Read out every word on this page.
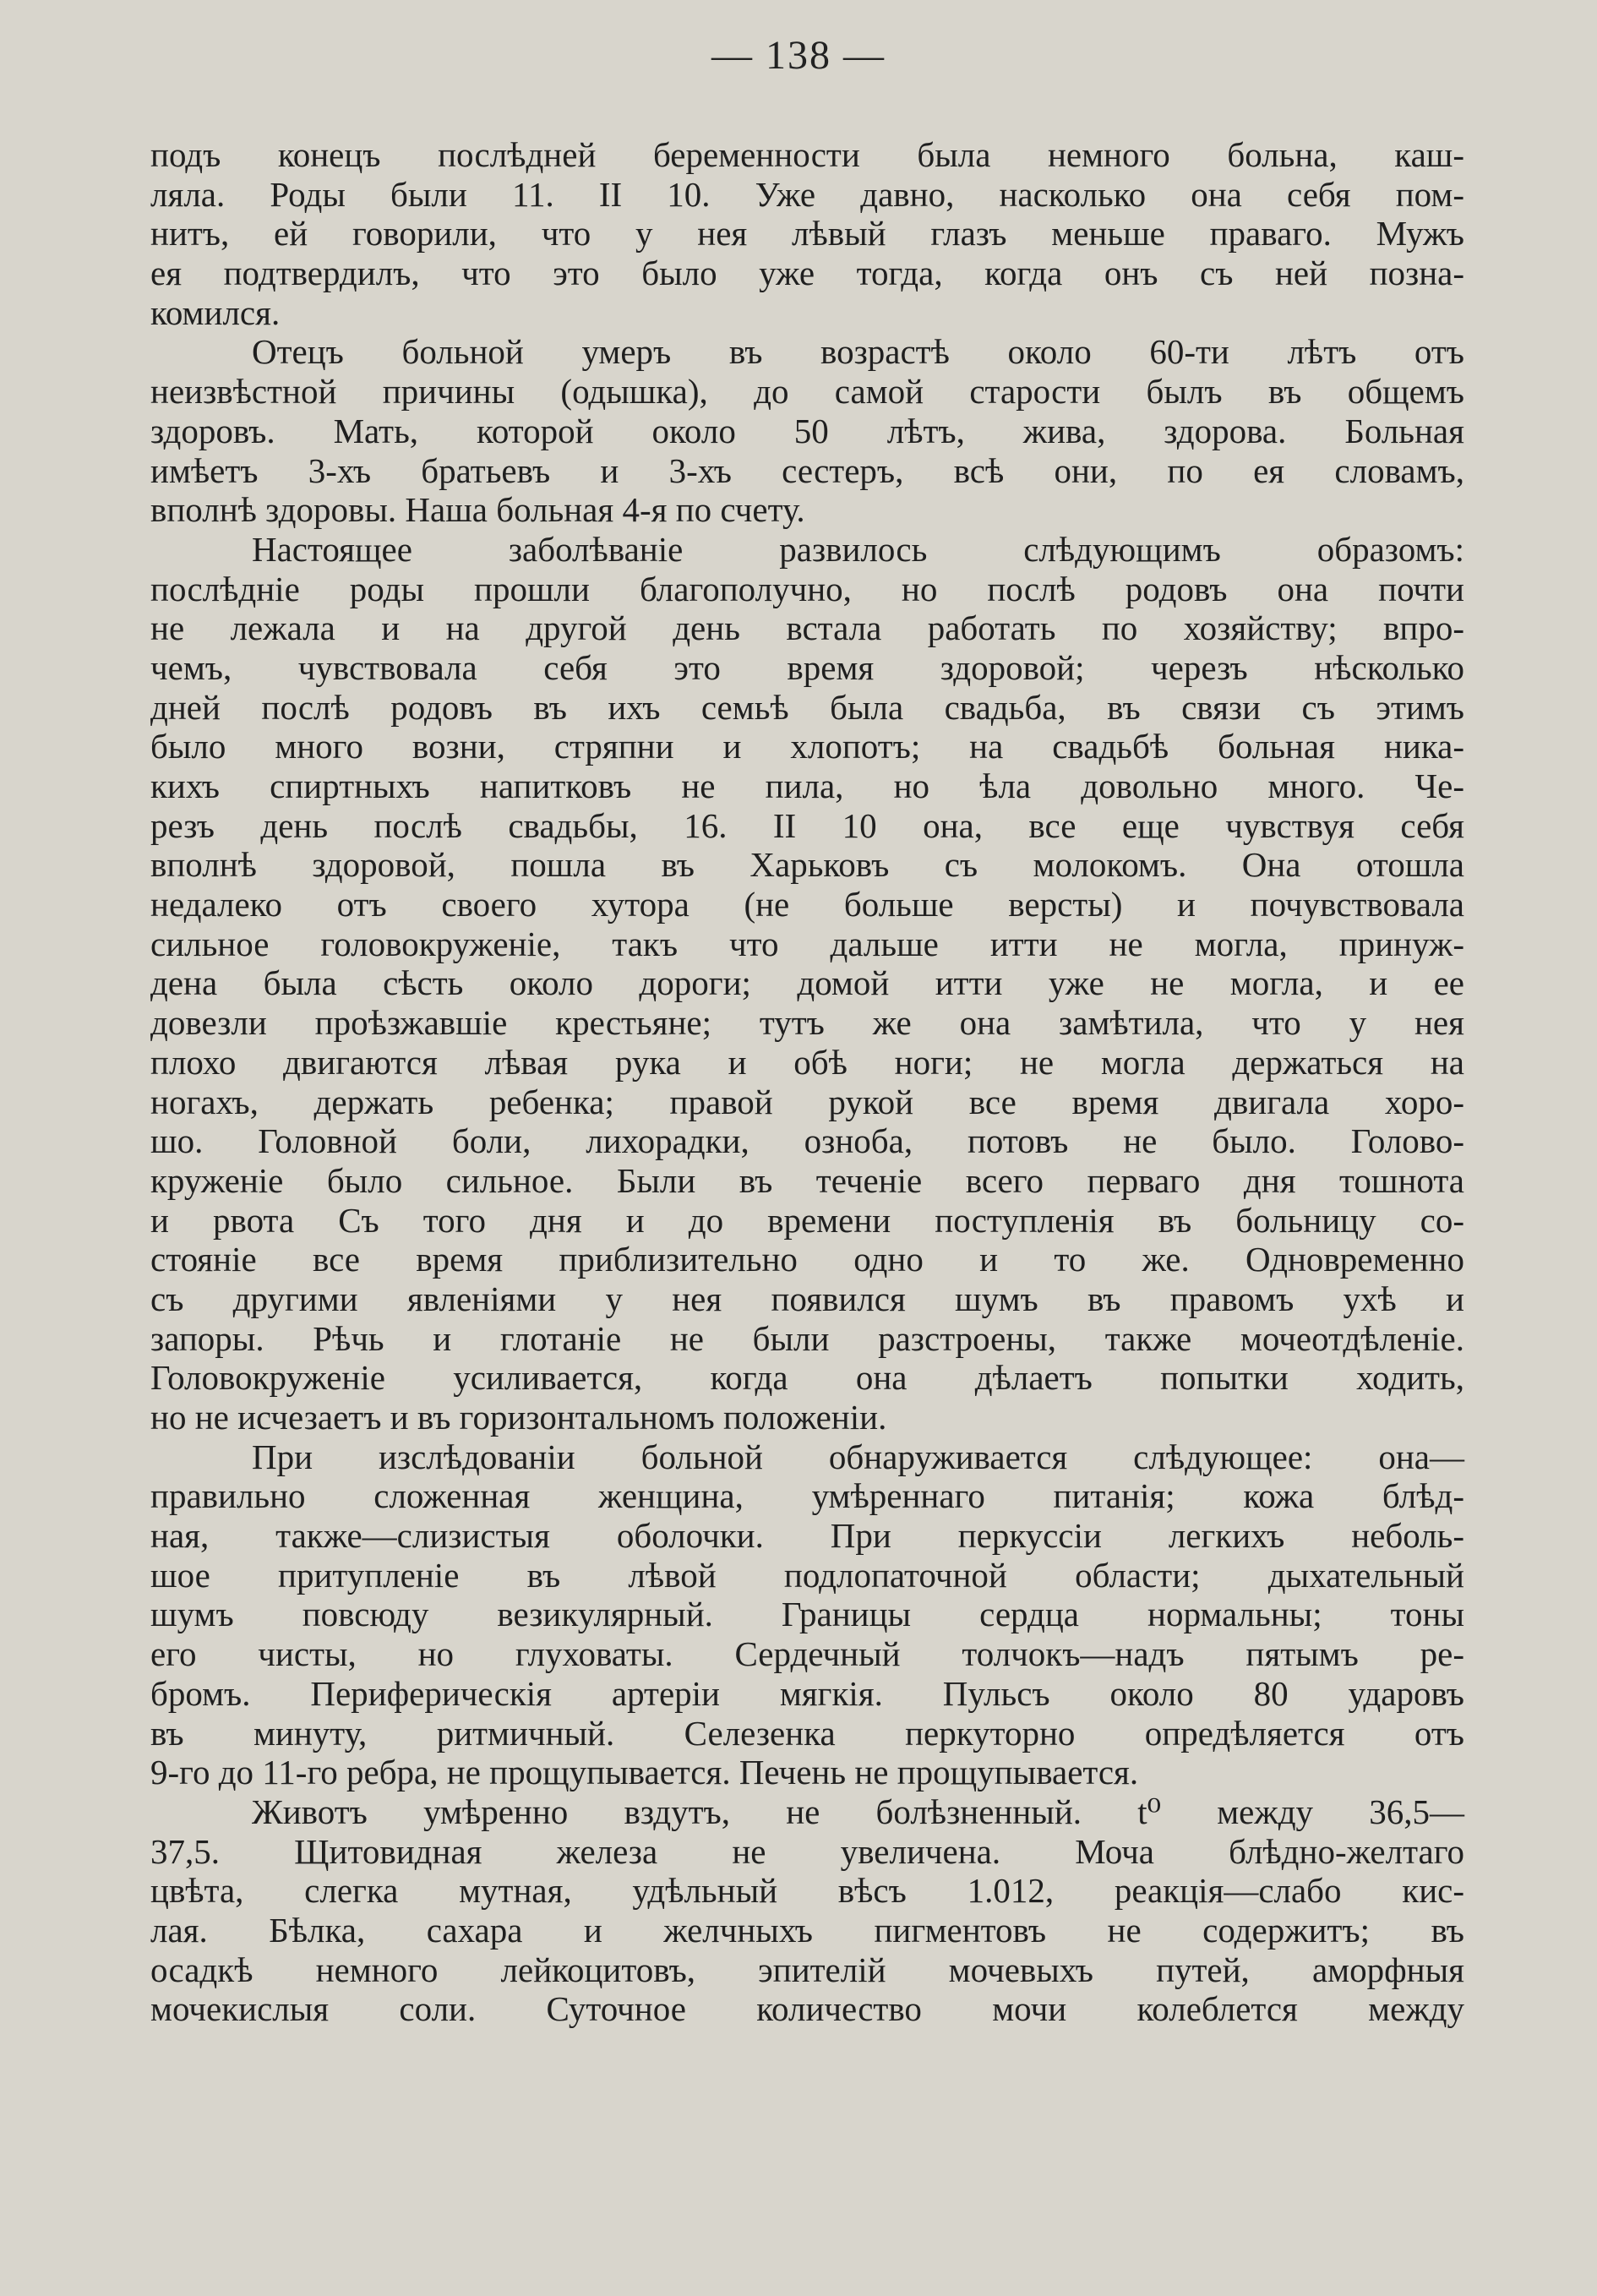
— 138 —
подъ конецъ послѣдней беременности была немного больна, каш-
ляла. Роды были 11. II 10. Уже давно, насколько она себя пом-
нитъ, ей говорили, что у нея лѣвый глазъ меньше праваго. Мужъ
ея подтвердилъ, что это было уже тогда, когда онъ съ ней позна-
комился.
Отецъ больной умеръ въ возрастѣ около 60-ти лѣтъ отъ
неизвѣстной причины (одышка), до самой старости былъ въ общемъ
здоровъ. Мать, которой около 50 лѣтъ, жива, здорова. Больная
имѣетъ 3-хъ братьевъ и 3-хъ сестеръ, всѣ они, по ея словамъ,
вполнѣ здоровы. Наша больная 4-я по счету.
Настоящее заболѣваніе развилось слѣдующимъ образомъ:
послѣдніе роды прошли благополучно, но послѣ родовъ она почти
не лежала и на другой день встала работать по хозяйству; впро-
чемъ, чувствовала себя это время здоровой; черезъ нѣсколько
дней послѣ родовъ въ ихъ семьѣ была свадьба, въ связи съ этимъ
было много возни, стряпни и хлопотъ; на свадьбѣ больная ника-
кихъ спиртныхъ напитковъ не пила, но ѣла довольно много. Че-
резъ день послѣ свадьбы, 16. II 10 она, все еще чувствуя себя
вполнѣ здоровой, пошла въ Харьковъ съ молокомъ. Она отошла
недалеко отъ своего хутора (не больше версты) и почувствовала
сильное головокруженіе, такъ что дальше итти не могла, принуж-
дена была сѣсть около дороги; домой итти уже не могла, и ее
довезли проѣзжавшіе крестьяне; тутъ же она замѣтила, что у нея
плохо двигаются лѣвая рука и обѣ ноги; не могла держаться на
ногахъ, держать ребенка; правой рукой все время двигала хоро-
шо. Головной боли, лихорадки, озноба, потовъ не было. Голово-
круженіе было сильное. Были въ теченіе всего перваго дня тошнота
и рвота Съ того дня и до времени поступленія въ больницу со-
стояніе все время приблизительно одно и то же. Одновременно
съ другими явленіями у нея появился шумъ въ правомъ ухѣ и
запоры. Рѣчь и глотаніе не были разстроены, также мочеотдѣленіе.
Головокруженіе усиливается, когда она дѣлаетъ попытки ходить,
но не исчезаетъ и въ горизонтальномъ положеніи.
При изслѣдованіи больной обнаруживается слѣдующее: она—
правильно сложенная женщина, умѣреннаго питанія; кожа блѣд-
ная, также—слизистыя оболочки. При перкуссіи легкихъ неболь-
шое притупленіе въ лѣвой подлопаточной области; дыхательный
шумъ повсюду везикулярный. Границы сердца нормальны; тоны
его чисты, но глуховаты. Сердечный толчокъ—надъ пятымъ ре-
бромъ. Периферическія артеріи мягкія. Пульсъ около 80 ударовъ
въ минуту, ритмичный. Селезенка перкуторно опредѣляется отъ
9-го до 11-го ребра, не прощупывается. Печень не прощупывается.
Животъ умѣренно вздутъ, не болѣзненный. t⁰ между 36,5—
37,5. Щитовидная железа не увеличена. Моча блѣдно-желтаго
цвѣта, слегка мутная, удѣльный вѣсъ 1.012, реакція—слабо кис-
лая. Бѣлка, сахара и желчныхъ пигментовъ не содержитъ; въ
осадкѣ немного лейкоцитовъ, эпителій мочевыхъ путей, аморфныя
мочекислыя соли. Суточное количество мочи колеблется между
